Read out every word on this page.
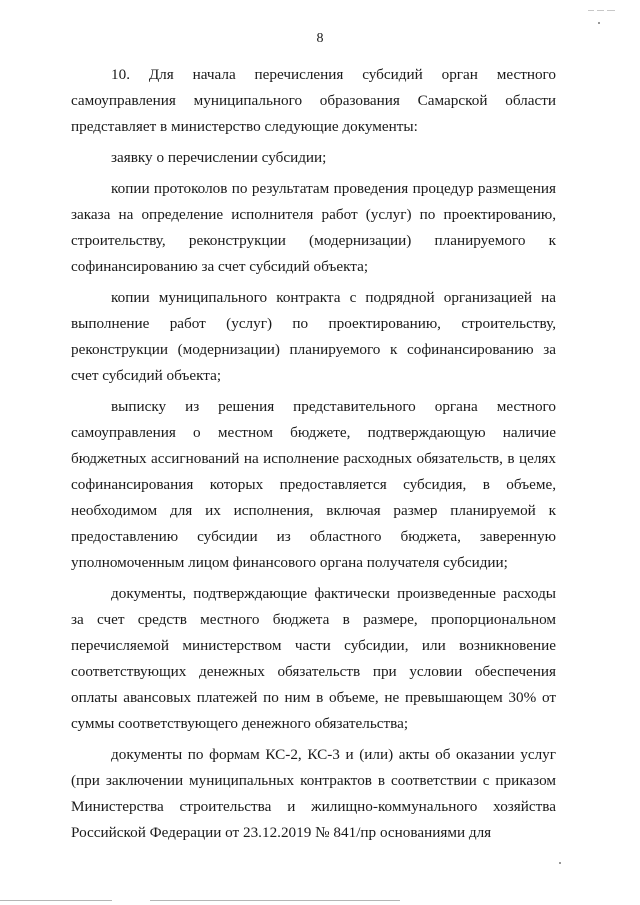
8

10. Для начала перечисления субсидий орган местного самоуправления муниципального образования Самарской области представляет в министерство следующие документы:

заявку о перечислении субсидии;

копии протоколов по результатам проведения процедур размещения заказа на определение исполнителя работ (услуг) по проектированию, строительству, реконструкции (модернизации) планируемого к софинансированию за счет субсидий объекта;

копии муниципального контракта с подрядной организацией на выполнение работ (услуг) по проектированию, строительству, реконструкции (модернизации) планируемого к софинансированию за счет субсидий объекта;

выписку из решения представительного органа местного самоуправления о местном бюджете, подтверждающую наличие бюджетных ассигнований на исполнение расходных обязательств, в целях софинансирования которых предоставляется субсидия, в объеме, необходимом для их исполнения, включая размер планируемой к предоставлению субсидии из областного бюджета, заверенную уполномоченным лицом финансового органа получателя субсидии;

документы, подтверждающие фактически произведенные расходы за счет средств местного бюджета в размере, пропорциональном перечисляемой министерством части субсидии, или возникновение соответствующих денежных обязательств при условии обеспечения оплаты авансовых платежей по ним в объеме, не превышающем 30% от суммы соответствующего денежного обязательства;

документы по формам КС-2, КС-3 и (или) акты об оказании услуг (при заключении муниципальных контрактов в соответствии с приказом Министерства строительства и жилищно-коммунального хозяйства Российской Федерации от 23.12.2019 № 841/пр основаниями для
